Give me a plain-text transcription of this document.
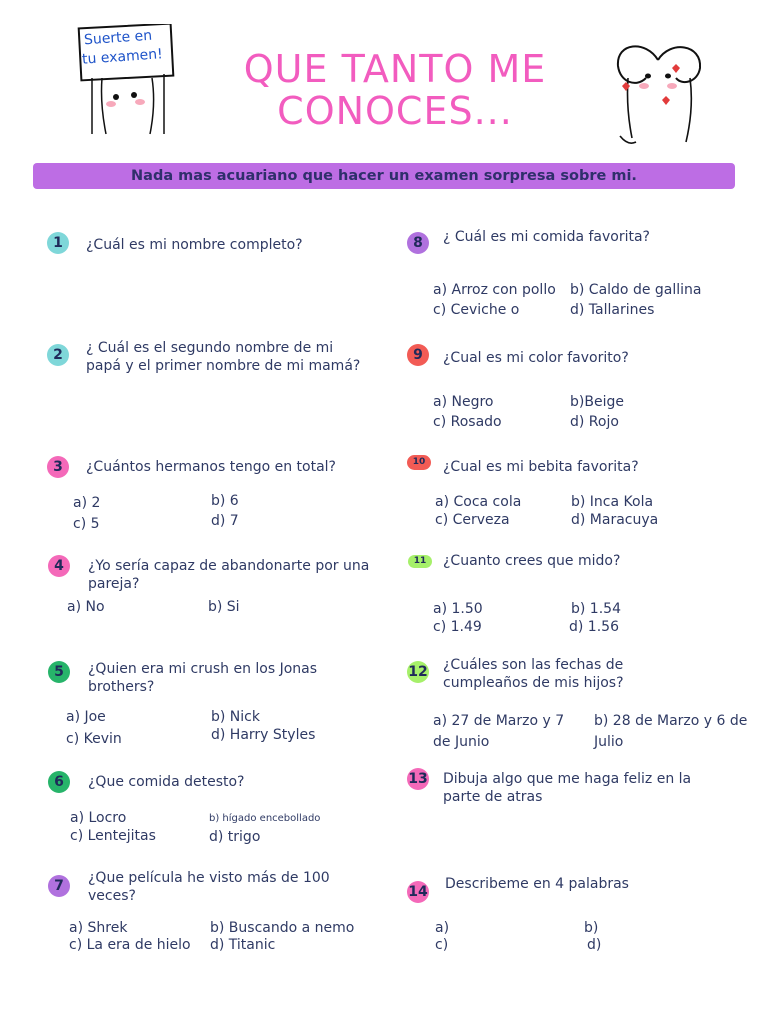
Suerte en
tu examen!	QUE TANTO ME
CONOCES...
Nada mas acuariano que hacer un examen sorpresa sobre mi.
1	¿Cuál es mi nombre completo?
2	¿ Cuál es el segundo nombre de mi papá y el primer nombre de mi mamá?
3	¿Cuántos hermanos tengo en total?
a) 2	b) 6
c) 5	d) 7
4	¿Yo sería capaz de abandonarte por una pareja?
a) No	b) Si
5	¿Quien era mi crush en los Jonas brothers?
a) Joe	b) Nick
c) Kevin	d) Harry Styles
6	¿Que comida detesto?
a) Locro	b) hígado encebollado
c) Lentejitas	d) trigo
7	¿Que película he visto más de 100 veces?
a) Shrek	b) Buscando a nemo
c) La era de hielo d) Titanic
8	¿ Cuál es mi comida favorita?
a) Arroz con pollo b) Caldo de gallina
c) Ceviche o	d) Tallarines
9	¿Cual es mi color favorito?
a) Negro	b)Beige
c) Rosado	d) Rojo
10	¿Cual es mi bebita favorita?
a) Coca cola	b) Inca Kola
c) Cerveza	d) Maracuya
11	¿Cuanto crees que mido?
a) 1.50	b) 1.54
c) 1.49	d) 1.56
12 ¿Cuáles son las fechas de cumpleaños de mis hijos?
a) 27 de Marzo y 7 de Junio
b) 28 de Marzo y 6 de Julio
13 Dibuja algo que me haga feliz en la parte de atras
14 Describeme en 4 palabras
a)	b)
c)	d)
